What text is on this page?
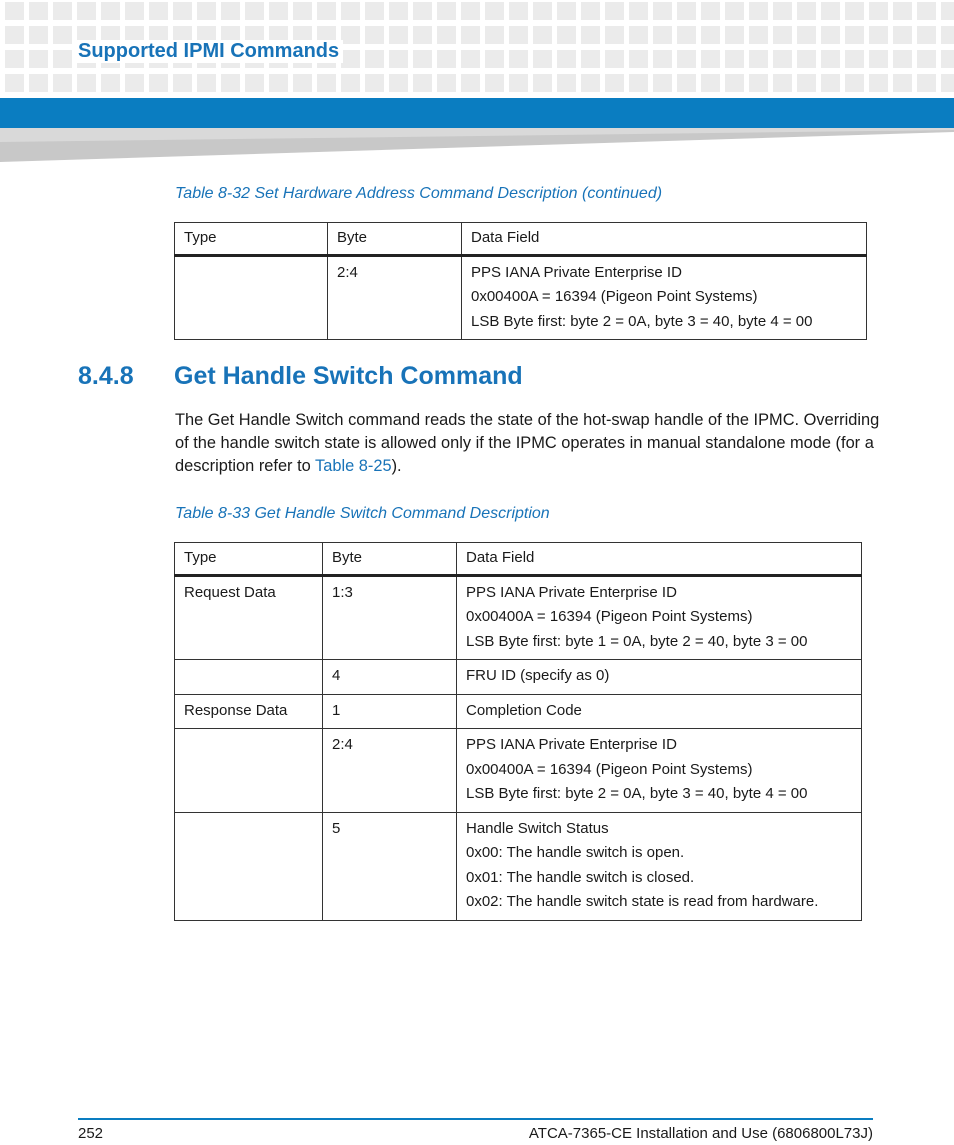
Supported IPMI Commands
Table 8-32 Set Hardware Address Command Description (continued)
Type	Byte	Data Field
	2:4	PPS IANA Private Enterprise ID
0x00400A = 16394 (Pigeon Point Systems)
LSB Byte first: byte 2 = 0A, byte 3 = 40, byte 4 = 00
8.4.8 Get Handle Switch Command
The Get Handle Switch command reads the state of the hot-swap handle of the IPMC. Overriding of the handle switch state is allowed only if the IPMC operates in manual standalone mode (for a description refer to Table 8-25).
Table 8-33 Get Handle Switch Command Description
Type	Byte	Data Field
Request Data	1:3	PPS IANA Private Enterprise ID
0x00400A = 16394 (Pigeon Point Systems)
LSB Byte first: byte 1 = 0A, byte 2 = 40, byte 3 = 00

	4	FRU ID (specify as 0)

Response Data	1	Completion Code

	2:4	PPS IANA Private Enterprise ID
0x00400A = 16394 (Pigeon Point Systems)
LSB Byte first: byte 2 = 0A, byte 3 = 40, byte 4 = 00

	5	Handle Switch Status
0x00: The handle switch is open.
0x01: The handle switch is closed.
0x02: The handle switch state is read from hardware.
252	ATCA-7365-CE Installation and Use (6806800L73J)
